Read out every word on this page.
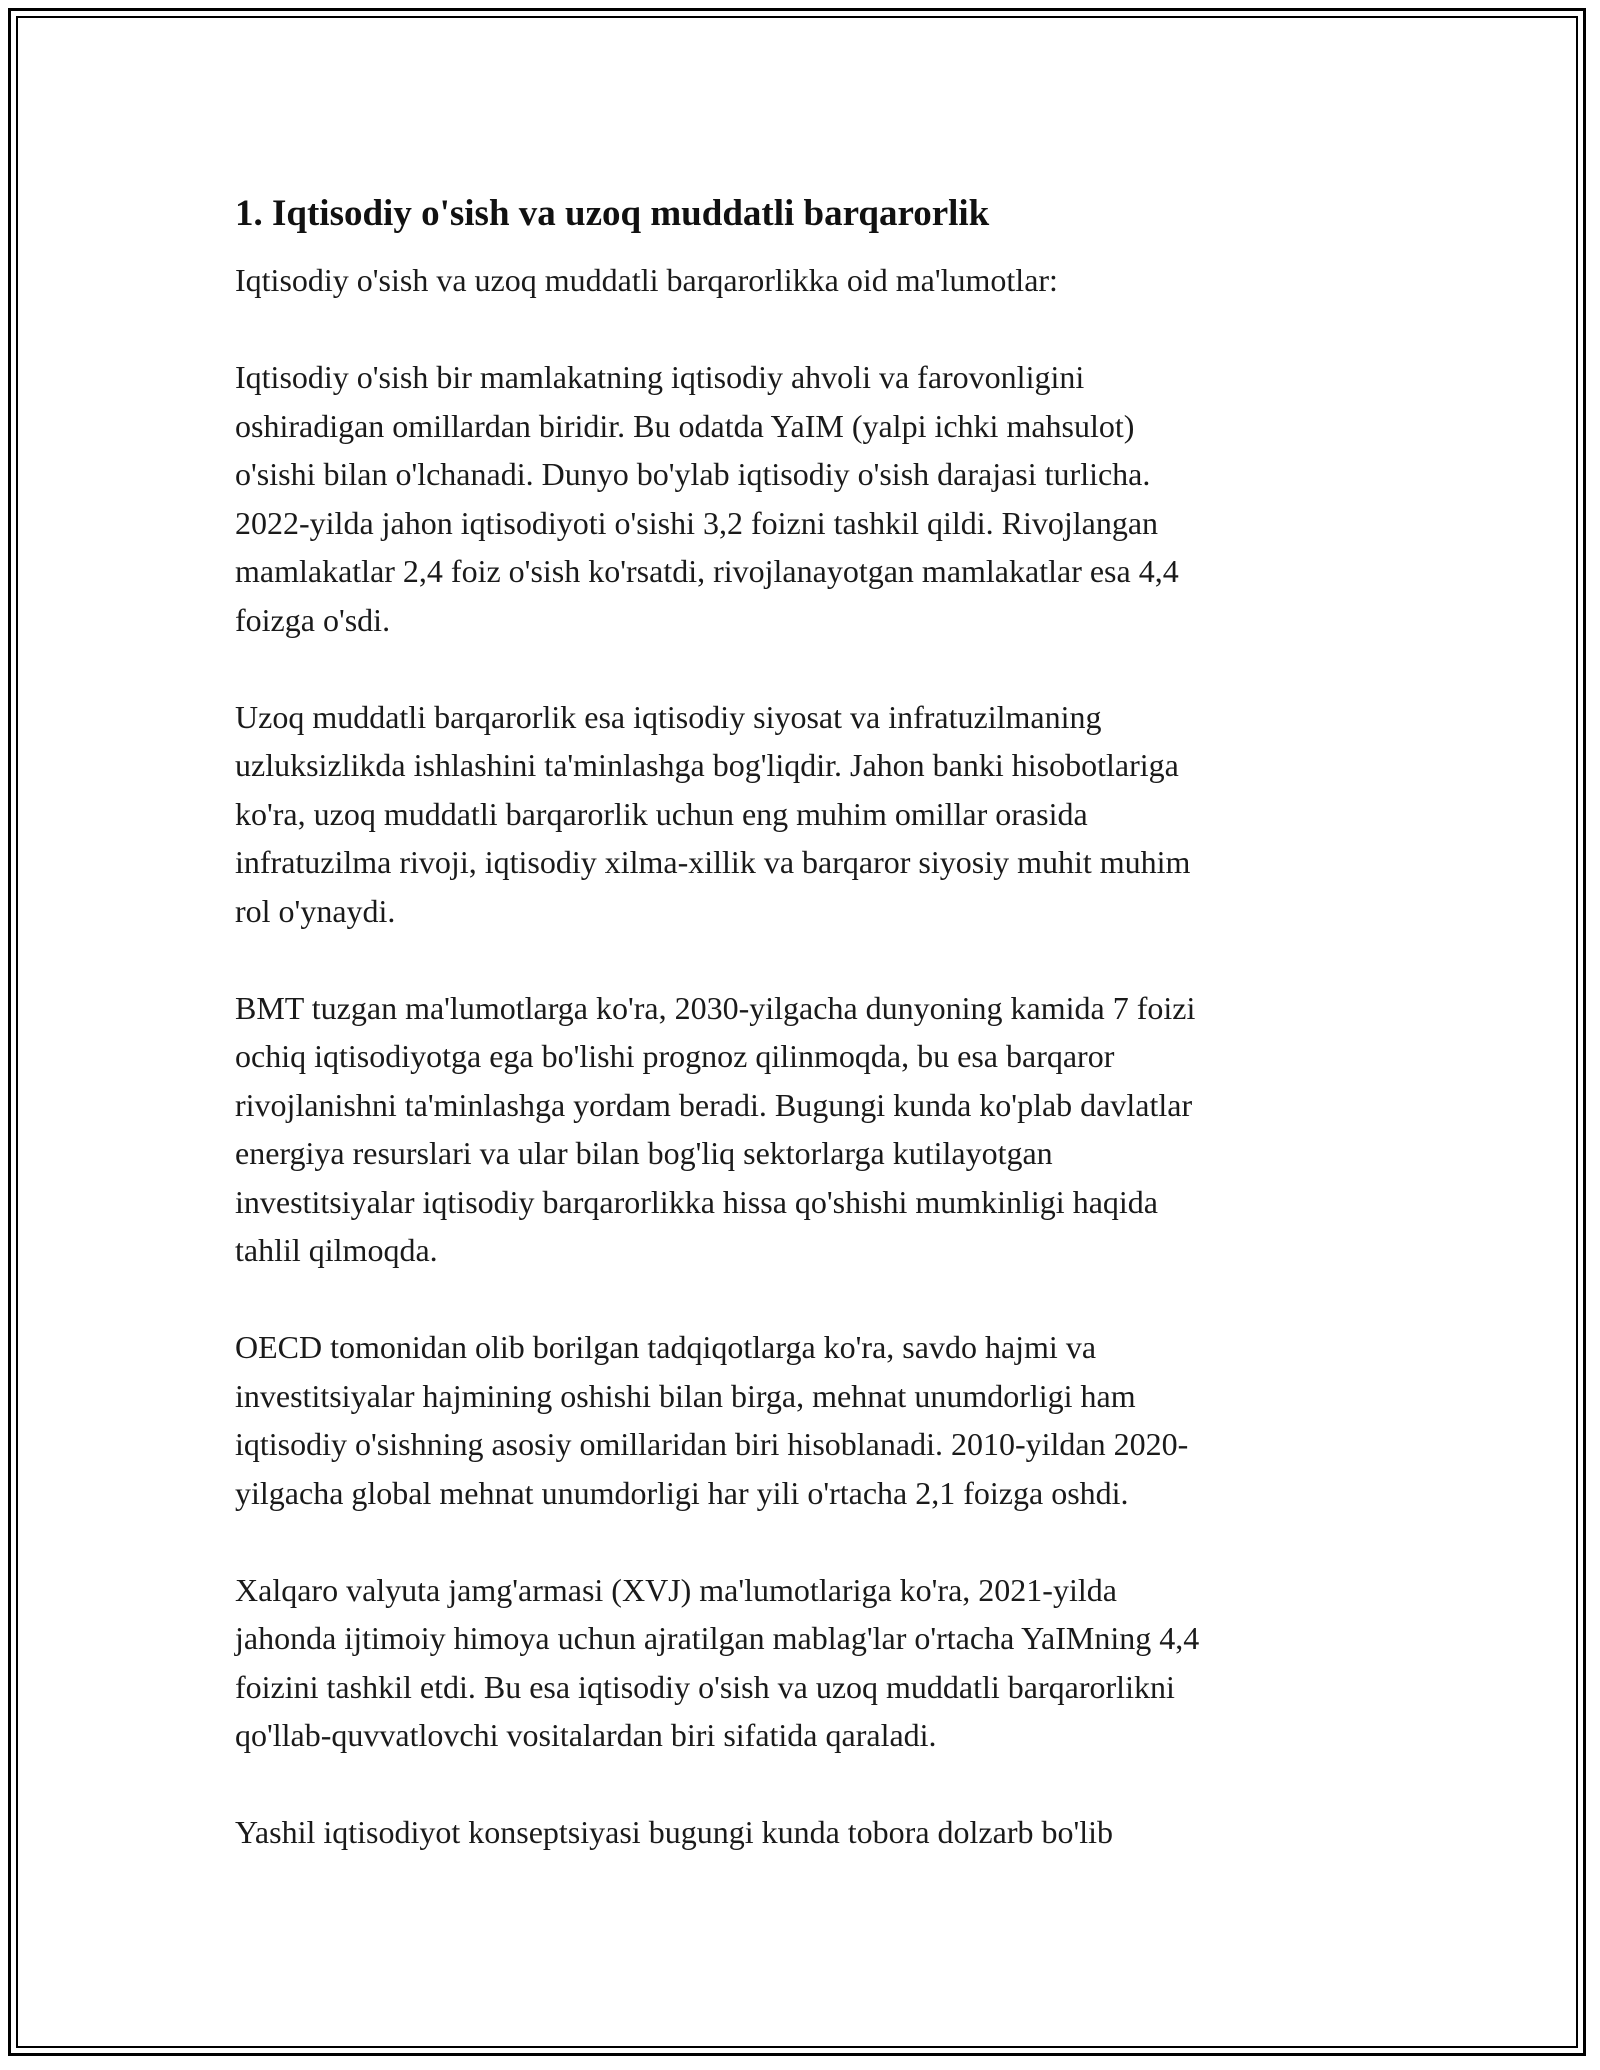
1. Iqtisodiy o'sish va uzoq muddatli barqarorlik
Iqtisodiy o'sish va uzoq muddatli barqarorlikka oid ma'lumotlar:
Iqtisodiy o'sish bir mamlakatning iqtisodiy ahvoli va farovonligini
oshiradigan omillardan biridir. Bu odatda YaIM (yalpi ichki mahsulot)
o'sishi bilan o'lchanadi. Dunyo bo'ylab iqtisodiy o'sish darajasi turlicha.
2022-yilda jahon iqtisodiyoti o'sishi 3,2 foizni tashkil qildi. Rivojlangan
mamlakatlar 2,4 foiz o'sish ko'rsatdi, rivojlanayotgan mamlakatlar esa 4,4
foizga o'sdi.
Uzoq muddatli barqarorlik esa iqtisodiy siyosat va infratuzilmaning
uzluksizlikda ishlashini ta'minlashga bog'liqdir. Jahon banki hisobotlariga
ko'ra, uzoq muddatli barqarorlik uchun eng muhim omillar orasida
infratuzilma rivoji, iqtisodiy xilma-xillik va barqaror siyosiy muhit muhim
rol o'ynaydi.
BMT tuzgan ma'lumotlarga ko'ra, 2030-yilgacha dunyoning kamida 7 foizi
ochiq iqtisodiyotga ega bo'lishi prognoz qilinmoqda, bu esa barqaror
rivojlanishni ta'minlashga yordam beradi. Bugungi kunda ko'plab davlatlar
energiya resurslari va ular bilan bog'liq sektorlarga kutilayotgan
investitsiyalar iqtisodiy barqarorlikka hissa qo'shishi mumkinligi haqida
tahlil qilmoqda.
OECD tomonidan olib borilgan tadqiqotlarga ko'ra, savdo hajmi va
investitsiyalar hajmining oshishi bilan birga, mehnat unumdorligi ham
iqtisodiy o'sishning asosiy omillaridan biri hisoblanadi. 2010-yildan 2020-
yilgacha global mehnat unumdorligi har yili o'rtacha 2,1 foizga oshdi.
Xalqaro valyuta jamg'armasi (XVJ) ma'lumotlariga ko'ra, 2021-yilda
jahonda ijtimoiy himoya uchun ajratilgan mablag'lar o'rtacha YaIMning 4,4
foizini tashkil etdi. Bu esa iqtisodiy o'sish va uzoq muddatli barqarorlikni
qo'llab-quvvatlovchi vositalardan biri sifatida qaraladi.
Yashil iqtisodiyot konseptsiyasi bugungi kunda tobora dolzarb bo'lib
